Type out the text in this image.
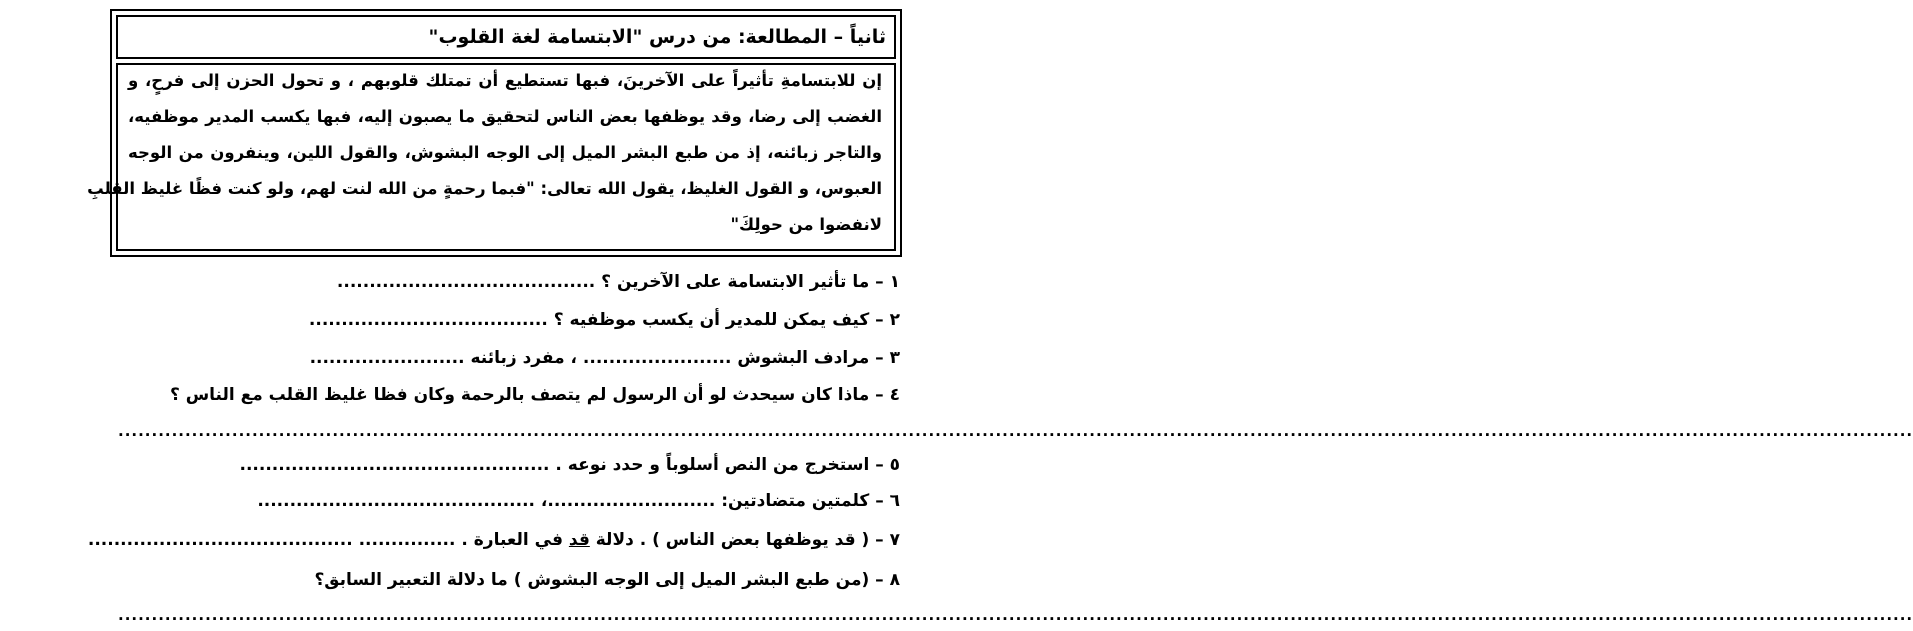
ثانياً – المطالعة: من درس "الابتسامة لغة القلوب"
إن للابتسامةِ تأثيراً على الآخرينَ، فبها تستطيع أن تمتلك قلوبهم ، و تحول الحزن إلى فرحٍ، و
الغضب إلى رضا، وقد يوظفها بعض الناس لتحقيق ما يصبون إليه، فبها يكسب المدير موظفيه،
والتاجر زبائنه، إذ من طبع البشر الميل إلى الوجه البشوش، والقول اللين، وينفرون من الوجه
العبوس، و القول الغليظ، يقول الله تعالى: "فبما رحمةٍ من الله لنت لهم، ولو كنت فظًا غليظ القلبِ
لانفضوا من حولِكَ"
١ – ما تأثير الابتسامة على الآخرين ؟ ........................................
٢ – كيف يمكن للمدير أن يكسب موظفيه ؟ .....................................
٣ – مرادف البشوش ....................... ، مفرد زبائنه ........................
٤ – ماذا كان سيحدث لو أن الرسول لم يتصف بالرحمة وكان فظا غليظ القلب مع الناس ؟
............................................................................................................................................................................................................................................................................
٥ – استخرج من النص أسلوباً و حدد نوعه . ................................................
٦ – كلمتين متضادتين: ..........................، ...........................................
٧ – ( قد يوظفها بعض الناس ) . دلالة قد في العبارة . ............... .........................................
٨ – (من طبع البشر الميل إلى الوجه البشوش ) ما دلالة التعبير السابق؟
............................................................................................................................................................................................................................................................................
